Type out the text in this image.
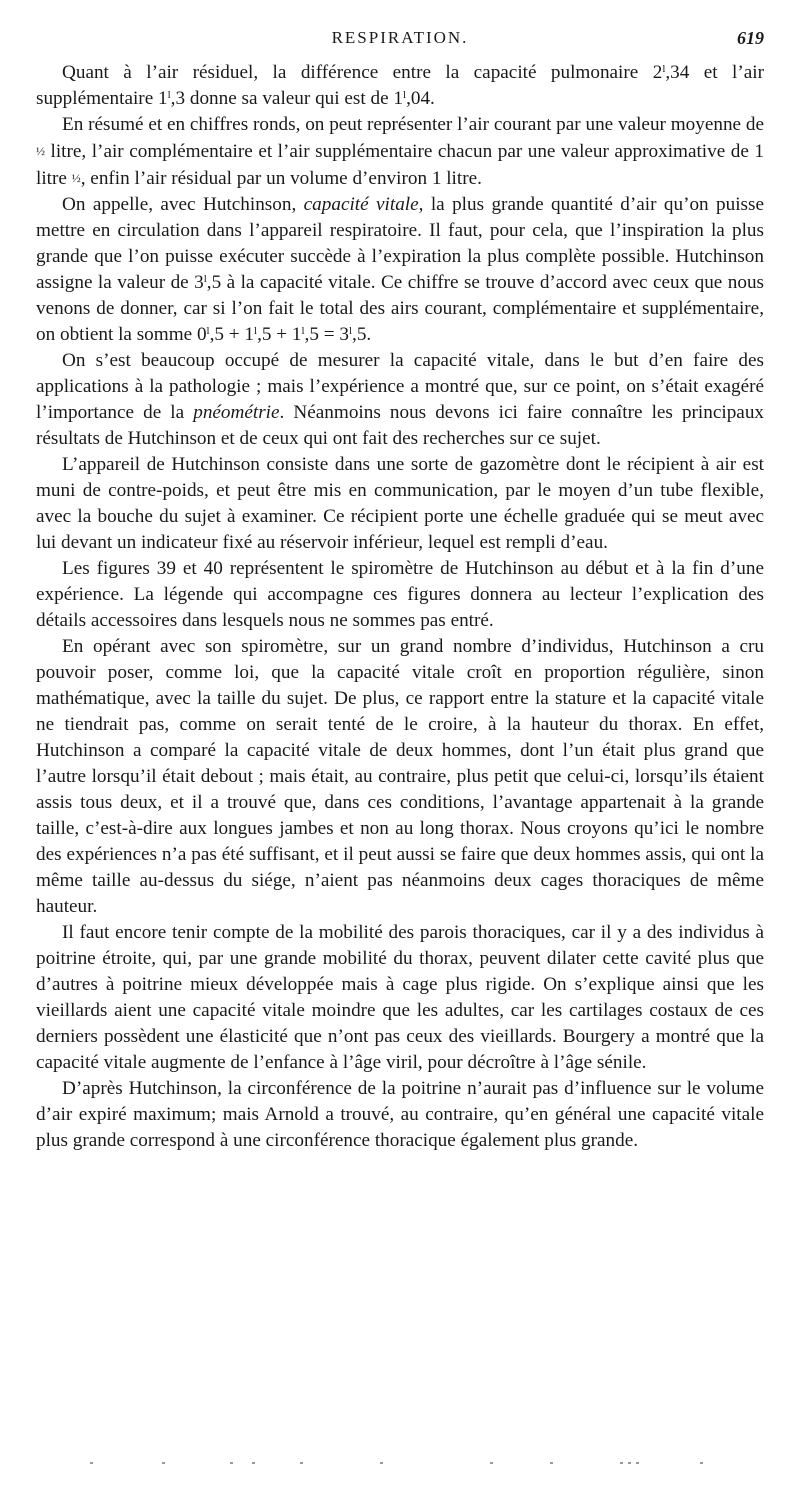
RESPIRATION.	619

Quant à l’air résiduel, la différence entre la capacité pulmonaire 2$^l$,34 et l’air supplémentaire 1$^l$,3 donne sa valeur qui est de 1$^l$,04.

En résumé et en chiffres ronds, on peut représenter l’air courant par une valeur moyenne de ½ litre, l’air complémentaire et l’air supplémentaire chacun par une valeur approximative de 1 litre ½, enfin l’air résidual par un volume d’environ 1 litre.

On appelle, avec Hutchinson, capacité vitale, la plus grande quantité d’air qu’on puisse mettre en circulation dans l’appareil respiratoire. Il faut, pour cela, que l’inspiration la plus grande que l’on puisse exécuter succède à l’expiration la plus complète possible. Hutchinson assigne la valeur de 3$^l$,5 à la capacité vitale. Ce chiffre se trouve d’accord avec ceux que nous venons de donner, car si l’on fait le total des airs courant, complémentaire et supplémentaire, on obtient la somme $0^l,5 + 1^l,5 + 1^l,5 = 3^l,5$.

On s’est beaucoup occupé de mesurer la capacité vitale, dans le but d’en faire des applications à la pathologie ; mais l’expérience a montré que, sur ce point, on s’était exagéré l’importance de la pnéométrie. Néanmoins nous devons ici faire connaître les principaux résultats de Hutchinson et de ceux qui ont fait des recherches sur ce sujet.

L’appareil de Hutchinson consiste dans une sorte de gazomètre dont le récipient à air est muni de contre-poids, et peut être mis en communication, par le moyen d’un tube flexible, avec la bouche du sujet à examiner. Ce récipient porte une échelle graduée qui se meut avec lui devant un indicateur fixé au réservoir inférieur, lequel est rempli d’eau.

Les figures 39 et 40 représentent le spiromètre de Hutchinson au début et à la fin d’une expérience. La légende qui accompagne ces figures donnera au lecteur l’explication des détails accessoires dans lesquels nous ne sommes pas entré.

En opérant avec son spiromètre, sur un grand nombre d’individus, Hutchinson a cru pouvoir poser, comme loi, que la capacité vitale croît en proportion régulière, sinon mathématique, avec la taille du sujet. De plus, ce rapport entre la stature et la capacité vitale ne tiendrait pas, comme on serait tenté de le croire, à la hauteur du thorax. En effet, Hutchinson a comparé la capacité vitale de deux hommes, dont l’un était plus grand que l’autre lorsqu’il était debout ; mais était, au contraire, plus petit que celui-ci, lorsqu’ils étaient assis tous deux, et il a trouvé que, dans ces conditions, l’avantage appartenait à la grande taille, c’est-à-dire aux longues jambes et non au long thorax. Nous croyons qu’ici le nombre des expériences n’a pas été suffisant, et il peut aussi se faire que deux hommes assis, qui ont la même taille au-dessus du siége, n’aient pas néanmoins deux cages thoraciques de même hauteur.

Il faut encore tenir compte de la mobilité des parois thoraciques, car il y a des individus à poitrine étroite, qui, par une grande mobilité du thorax, peuvent dilater cette cavité plus que d’autres à poitrine mieux développée mais à cage plus rigide. On s’explique ainsi que les vieillards aient une capacité vitale moindre que les adultes, car les cartilages costaux de ces derniers possèdent une élasticité que n’ont pas ceux des vieillards. Bourgery a montré que la capacité vitale augmente de l’enfance à l’âge viril, pour décroître à l’âge sénile.

D’après Hutchinson, la circonférence de la poitrine n’aurait pas d’influence sur le volume d’air expiré maximum; mais Arnold a trouvé, au contraire, qu’en général une capacité vitale plus grande correspond à une circonférence thoracique également plus grande.
